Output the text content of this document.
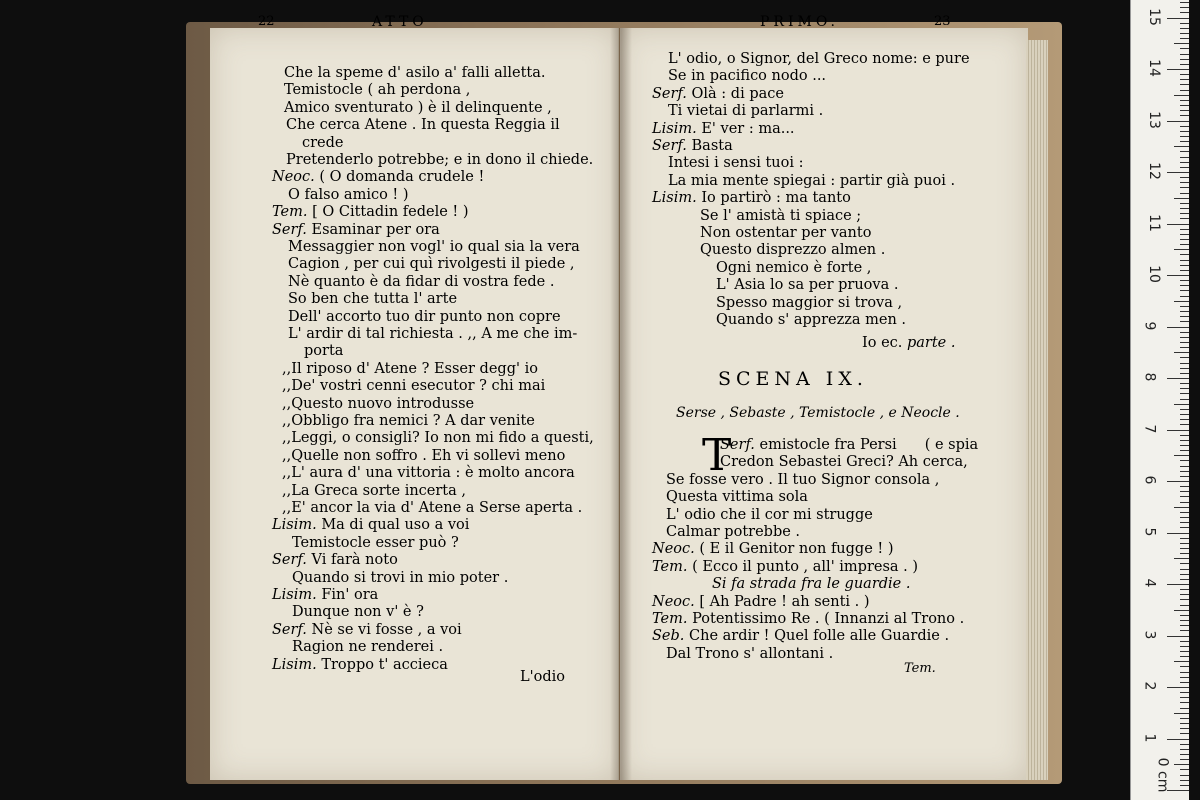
22	ATTO	PRIMO.	23
Che la speme d' asilo a' falli alletta.
Temistocle ( ah perdona ,
Amico sventurato ) è il delinquente ,
Che cerca Atene . In questa Reggia il
crede
Pretenderlo potrebbe; e in dono il chiede.
Neoc. ( O domanda crudele !
O falso amico ! )
Tem. [ O Cittadin fedele ! )
Serf. Esaminar per ora
Messaggier non vogl' io qual sia la vera
Cagion , per cui quì rivolgesti il piede ,
Nè quanto è da fidar di vostra fede .
So ben che tutta l' arte
Dell' accorto tuo dir punto non copre
L' ardir di tal richiesta . ,, A me che im-
porta
,,Il riposo d' Atene ? Esser degg' io
,,De' vostri cenni esecutor ? chi mai
,,Questo nuovo introdusse
,,Obbligo fra nemici ? A dar venite
,,Leggi, o consigli? Io non mi fido a questi,
,,Quelle non soffro . Eh vi sollevi meno
,,L' aura d' una vittoria : è molto ancora
,,La Greca sorte incerta ,
,,E' ancor la via d' Atene a Serse aperta .
Lisim. Ma di qual uso a voi
Temistocle esser può ?
Serf. Vi farà noto
Quando si trovi in mio poter .
Lisim. Fin' ora
Dunque non v' è ?
Serf. Nè se vi fosse , a voi
Ragion ne renderei .
Lisim. Troppo t' accieca
L'odio
L' odio, o Signor, del Greco nome: e pure
Se in pacifico nodo ...
Serf. Olà : di pace
Ti vietai di parlarmi .
Lisim. E' ver : ma...
Serf. Basta
Intesi i sensi tuoi :
La mia mente spiegai : partir già puoi .
Lisim. Io partirò : ma tanto
Se l' amistà ti spiace ;
Non ostentar per vanto
Questo disprezzo almen .
Ogni nemico è forte ,
L' Asia lo sa per pruova .
Spesso maggior si trova ,
Quando s' apprezza men .
Serf. emistocle fra Persi ( e spia
Credon Sebastei Greci? Ah cerca,
Se fosse vero . Il tuo Signor consola ,
Questa vittima sola
L' odio che il cor mi strugge
Calmar potrebbe .
Neoc. ( E il Genitor non fugge ! )
Tem. ( Ecco il punto , all' impresa . )
Si fa strada fra le guardie .
Neoc. [ Ah Padre ! ah senti . )
Tem. Potentissimo Re . ( Innanzi al Trono .
Seb. Che ardir ! Quel folle alle Guardie .
Dal Trono s' allontani .
Io ec. parte .
SCENA IX.
Serse , Sebaste , Temistocle , e Neocle .
Tem.
0 cm
1
2
3
4
5
6
7
8
9
10
11
12
13
14
15
T
